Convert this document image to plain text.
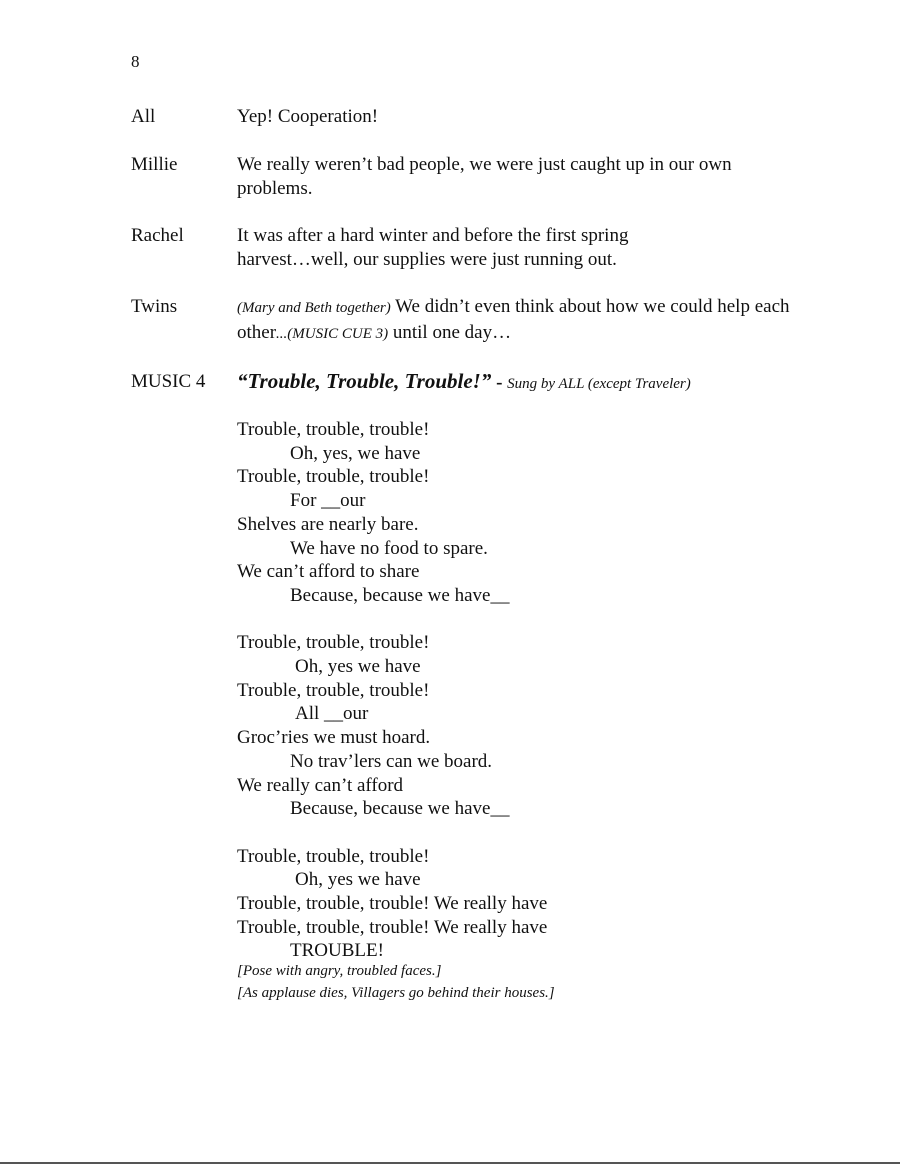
8
All	Yep! Cooperation!
Millie	We really weren’t bad people, we were just caught up in our own problems.
Rachel	It was after a hard winter and before the first spring
harvest…well, our supplies were just running out.
Twins	(Mary and Beth together) We didn’t even think about how we could help each other...(MUSIC CUE 3) until one day…
MUSIC 4 “Trouble, Trouble, Trouble!” - Sung by ALL (except Traveler)
Trouble, trouble, trouble!
Oh, yes, we have
Trouble, trouble, trouble!
For __our
Shelves are nearly bare.
We have no food to spare.
We can’t afford to share
Because, because we have__
Trouble, trouble, trouble!
Oh, yes we have
Trouble, trouble, trouble!
All __our
Groc’ries we must hoard.
No trav’lers can we board.
We really can’t afford
Because, because we have__
Trouble, trouble, trouble!
Oh, yes we have
Trouble, trouble, trouble! We really have
Trouble, trouble, trouble! We really have
TROUBLE!
[Pose with angry, troubled faces.]
[As applause dies, Villagers go behind their houses.]
